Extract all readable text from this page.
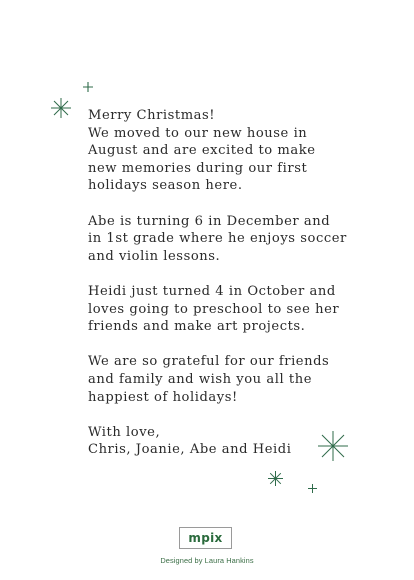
Merry Christmas!
We moved to our new house in
August and are excited to make
new memories during our first
holidays season here.
Abe is turning 6 in December and
in 1st grade where he enjoys soccer
and violin lessons.
Heidi just turned 4 in October and
loves going to preschool to see her
friends and make art projects.
We are so grateful for our friends
and family and wish you all the
happiest of holidays!
With love,
Chris, Joanie, Abe and Heidi
mpix
Designed by Laura Hankins
